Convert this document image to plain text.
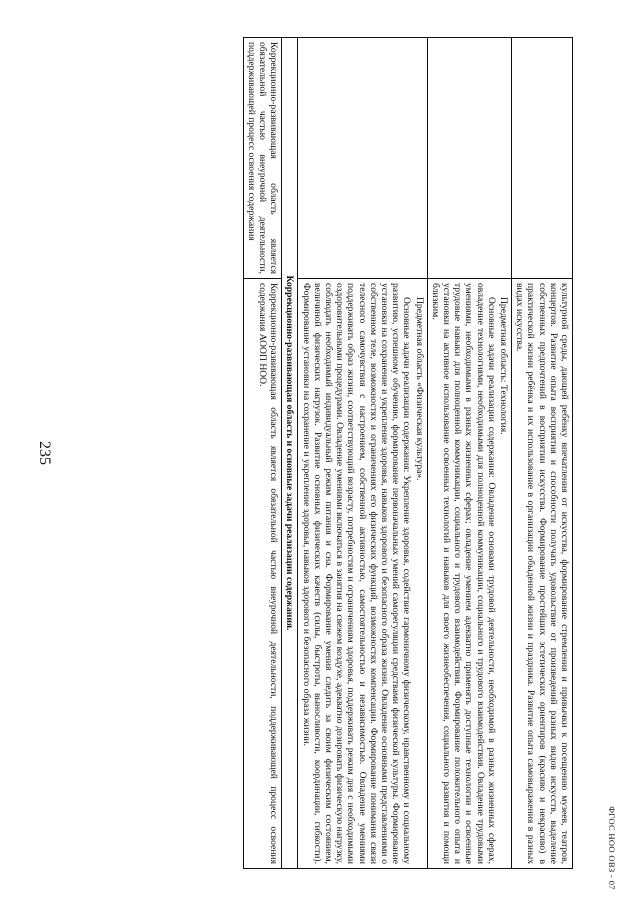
235

	культурной среды, дающей ребёнку впечатления от искусства, формирование стремления и привычки к посещению музеев, театров, концертов. Развитие опыта восприятия и способности получать удовольствие от произведений разных видов искусств, выделение собственных предпочтений в восприятии искусства. Формирование простейших эстетических ориентиров (красиво и некрасиво) в практической жизни ребёнка и их использование в организации обыденной жизни и праздника. Развитие опыта самовыражения в разных видах искусства.

	Предметная область: Технология.

Основные задачи реализации содержания: Овладение основами трудовой деятельности, необходимой в разных жизненных сферах, овладение технологиями, необходимыми для полноценной коммуникации, социального и трудового взаимодействия. Овладение трудовыми умениями, необходимыми в разных жизненных сферах; овладение умением адекватно применять доступные технологии и освоенные трудовые навыки для полноценной коммуникации, социального и трудового взаимодействия. Формирование положительного опыта и установки на активное использование освоенных технологий и навыков для своего жизнеобеспечения, социального развития и помощи близким.

	Предметная область «Физическая культура».

Основные задачи реализации содержания: Укрепление здоровья, содействие гармоничному физическому, нравственному и социальному развитию, успешному обучению, формирование первоначальных умений саморегуляции средствами физической культуры. Формирование установки на сохранение и укрепление здоровья, навыков здорового и безопасного образа жизни. Овладение основными представлениями о собственном теле, возможностях и ограничениях его физических функций, возможностях компенсации. Формирование понимания связи телесного самочувствия с настроением, собственной активностью, самостоятельностью и независимостью. Овладение умениями поддерживать образ жизни, соответствующий возрасту, потребностям и ограничениям здоровья, поддерживать режим дня с необходимыми оздоровительными процедурами. Овладение умениями включаться в занятия на свежем воздухе, адекватно дозировать физическую нагрузку, соблюдать необходимый индивидуальный режим питания и сна. Формирование умения следить за своим физическим состоянием, величиной физических нагрузок. Развитие основных физических качеств (силы, быстроты, выносливости, координации, гибкости). Формирование установки на сохранение и укрепление здоровья, навыков здорового и безопасного образа жизни.

Коррекционно-развивающая область и основные задачи реализации содержания.	
Коррекционно-развивающая область является обязательной частью внеурочной деятельности, поддерживающей процесс освоения содержания	Коррекционно-развивающая область является обязательной частью внеурочной деятельности, поддерживающей процесс освоения содержания АООП НОО.
ФГОС НОО ОВЗ - 07
